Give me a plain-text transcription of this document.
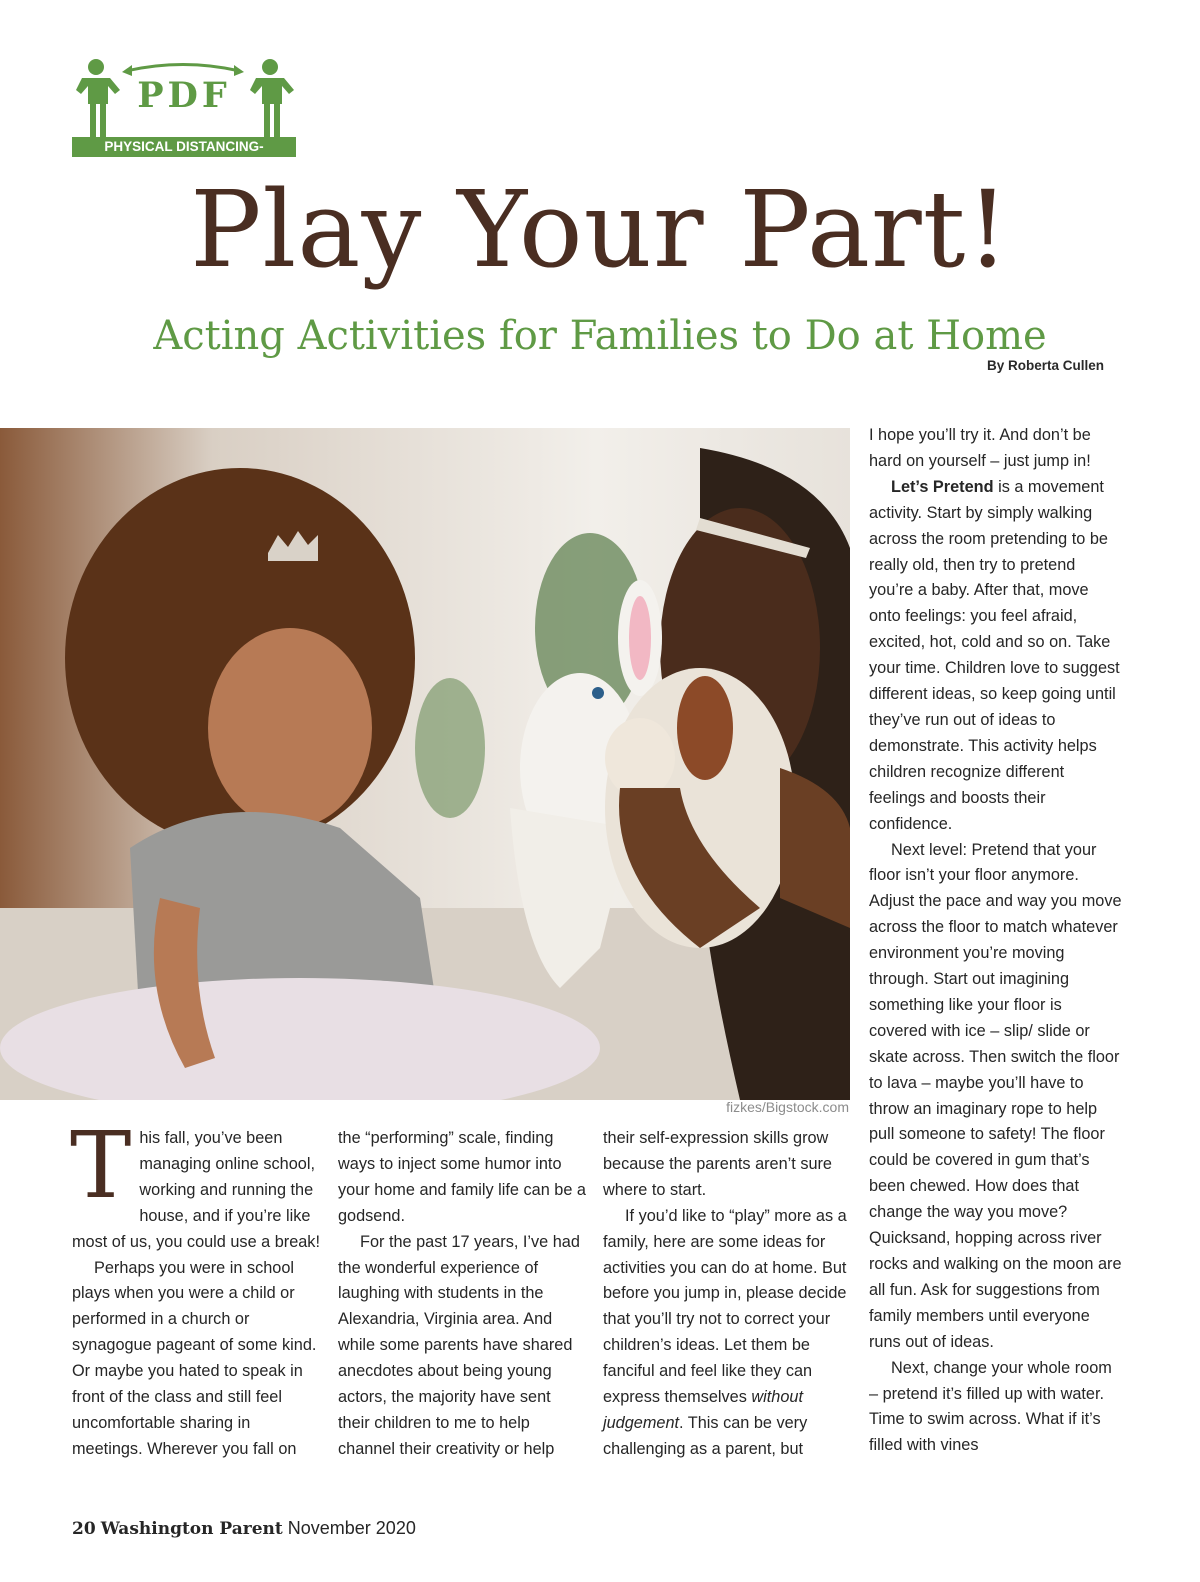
PDF
PHYSICAL DISTANCING-FRIENDLY
Play Your Part!
Acting Activities for Families to Do at Home
By Roberta Cullen
fizkes/Bigstock.com
T his fall, you’ve been managing online school, working and running the house, and if you’re like most of us, you could use a break!

Perhaps you were in school plays when you were a child or performed in a church or synagogue pageant of some kind. Or maybe you hated to speak in front of the class and still feel uncomfortable sharing in meetings. Wherever you fall on

the “performing” scale, finding ways to inject some humor into your home and family life can be a godsend.

For the past 17 years, I’ve had the wonderful experience of laughing with students in the Alexandria, Virginia area. And while some parents have shared anecdotes about being young actors, the majority have sent their children to me to help channel their creativity or help

their self-expression skills grow because the parents aren’t sure where to start.

If you’d like to “play” more as a family, here are some ideas for activities you can do at home. But before you jump in, please decide that you’ll try not to correct your children’s ideas. Let them be fanciful and feel like they can express themselves without judgement. This can be very challenging as a parent, but

I hope you’ll try it. And don’t be hard on yourself – just jump in!

Let’s Pretend is a movement activity. Start by simply walking across the room pretending to be really old, then try to pretend you’re a baby. After that, move onto feelings: you feel afraid, excited, hot, cold and so on. Take your time. Children love to suggest different ideas, so keep going until they’ve run out of ideas to demonstrate. This activity helps children recognize different feelings and boosts their confidence.

Next level: Pretend that your floor isn’t your floor anymore. Adjust the pace and way you move across the floor to match whatever environment you’re moving through. Start out imagining something like your floor is covered with ice – slip/ slide or skate across. Then switch the floor to lava – maybe you’ll have to throw an imaginary rope to help pull someone to safety! The floor could be covered in gum that’s been chewed. How does that change the way you move? Quicksand, hopping across river rocks and walking on the moon are all fun. Ask for suggestions from family members until everyone runs out of ideas.

Next, change your whole room – pretend it’s filled up with water. Time to swim across. What if it’s filled with vines

20 Washington Parent November 2020
